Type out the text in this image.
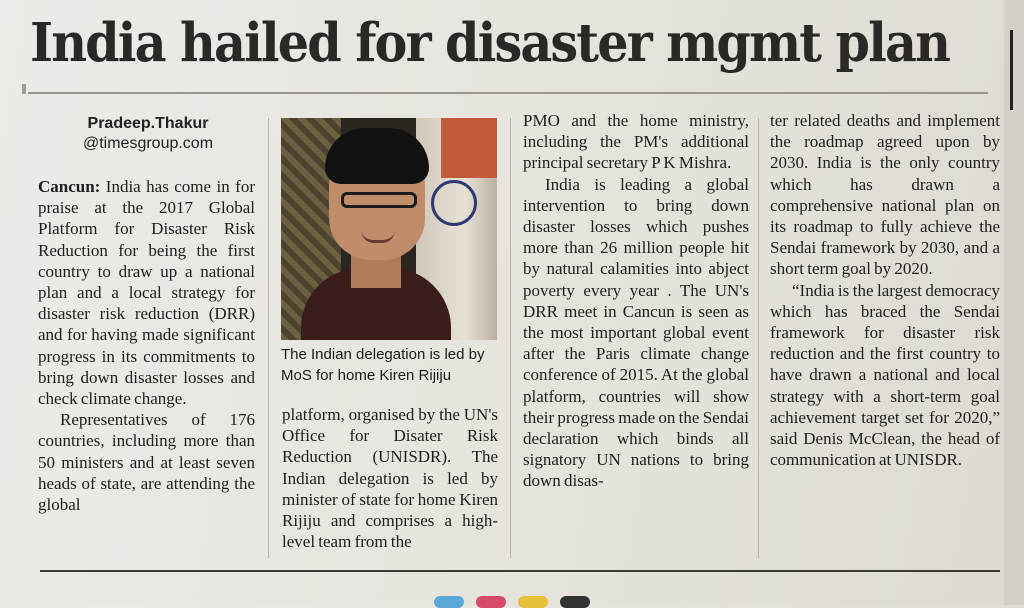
India hailed for disaster mgmt plan
Pradeep.Thakur
@timesgroup.com

Cancun: India has come in for praise at the 2017 Global Platform for Disaster Risk Reduction for being the first country to draw up a national plan and a local strategy for disaster risk reduction (DRR) and for having made significant progress in its commitments to bring down disaster losses and check climate change.

Representatives of 176 countries, including more than 50 ministers and at least seven heads of state, are attending the global

The Indian delegation is led by MoS for home Kiren Rijiju

platform, organised by the UN's Office for Disater Risk Reduction (UNISDR). The Indian delegation is led by minister of state for home Kiren Rijiju and comprises a high-level team from the

PMO and the home ministry, including the PM's additional principal secretary P K Mishra.

India is leading a global intervention to bring down disaster losses which pushes more than 26 million people hit by natural calamities into abject poverty every year . The UN's DRR meet in Cancun is seen as the most important global event after the Paris climate change conference of 2015. At the global platform, countries will show their progress made on the Sendai declaration which binds all signatory UN nations to bring down disas-

ter related deaths and implement the roadmap agreed upon by 2030. India is the only country which has drawn a comprehensive national plan on its roadmap to fully achieve the Sendai framework by 2030, and a short term goal by 2020.

“India is the largest democracy which has braced the Sendai framework for disaster risk reduction and the first country to have drawn a national and local strategy with a short-term goal achievement target set for 2020,” said Denis McClean, the head of communication at UNISDR.
